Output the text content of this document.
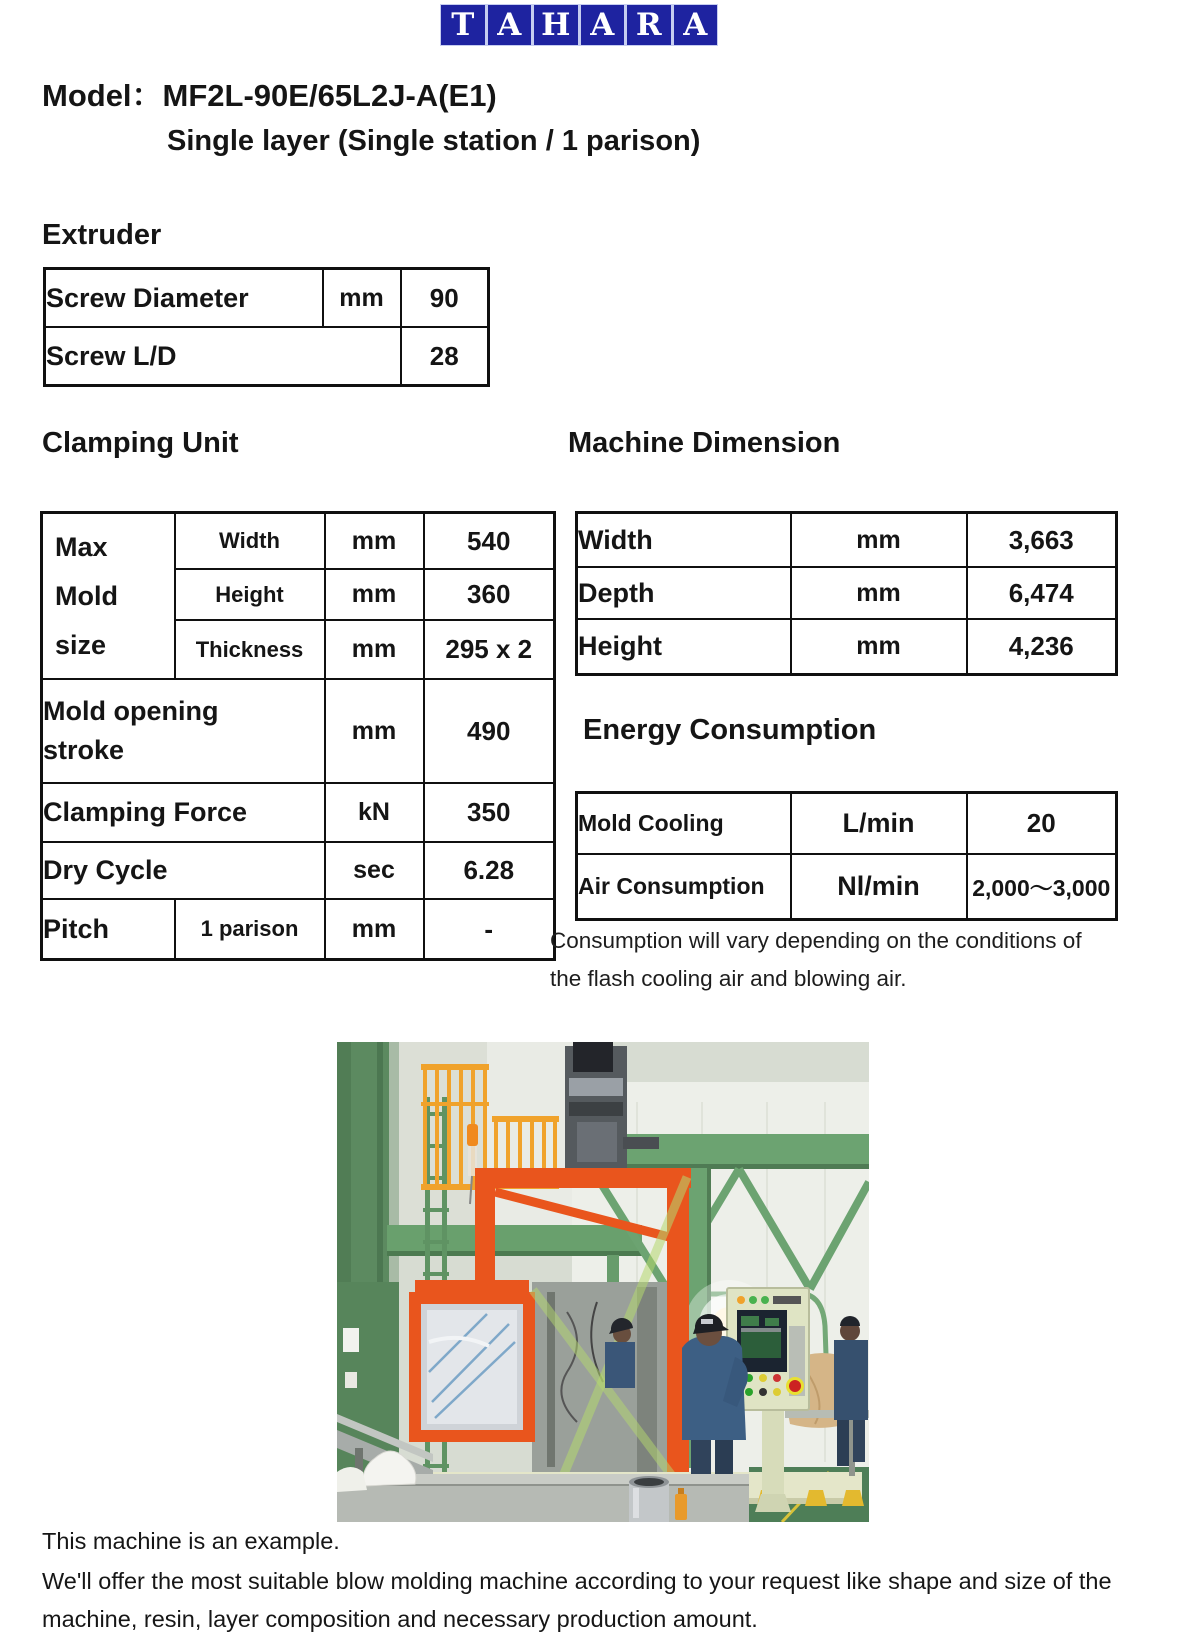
T A H A R A
Model：MF2L-90E/65L2J-A(E1)
Single layer (Single station / 1 parison)
Extruder
Screw Diameter	mm	90
Screw L/D		28
Clamping Unit
Max
Mold
size	Width	mm	540
	Height	mm	360
	Thickness	mm	295 x 2

Mold opening stroke		mm	490
Clamping Force		kN	350
Dry Cycle		sec	6.28
Pitch	1 parison	mm	-
Machine Dimension
Width	mm	3,663
Depth	mm	6,474
Height	mm	4,236
Energy Consumption
Mold Cooling	L/min	20
Air Consumption	Nl/min	2,000～3,000
Consumption will vary depending on the conditions of
the flash cooling air and blowing air.
This machine is an example.
We'll offer the most suitable blow molding machine according to your request like shape and size of the
machine, resin, layer composition and necessary production amount.
